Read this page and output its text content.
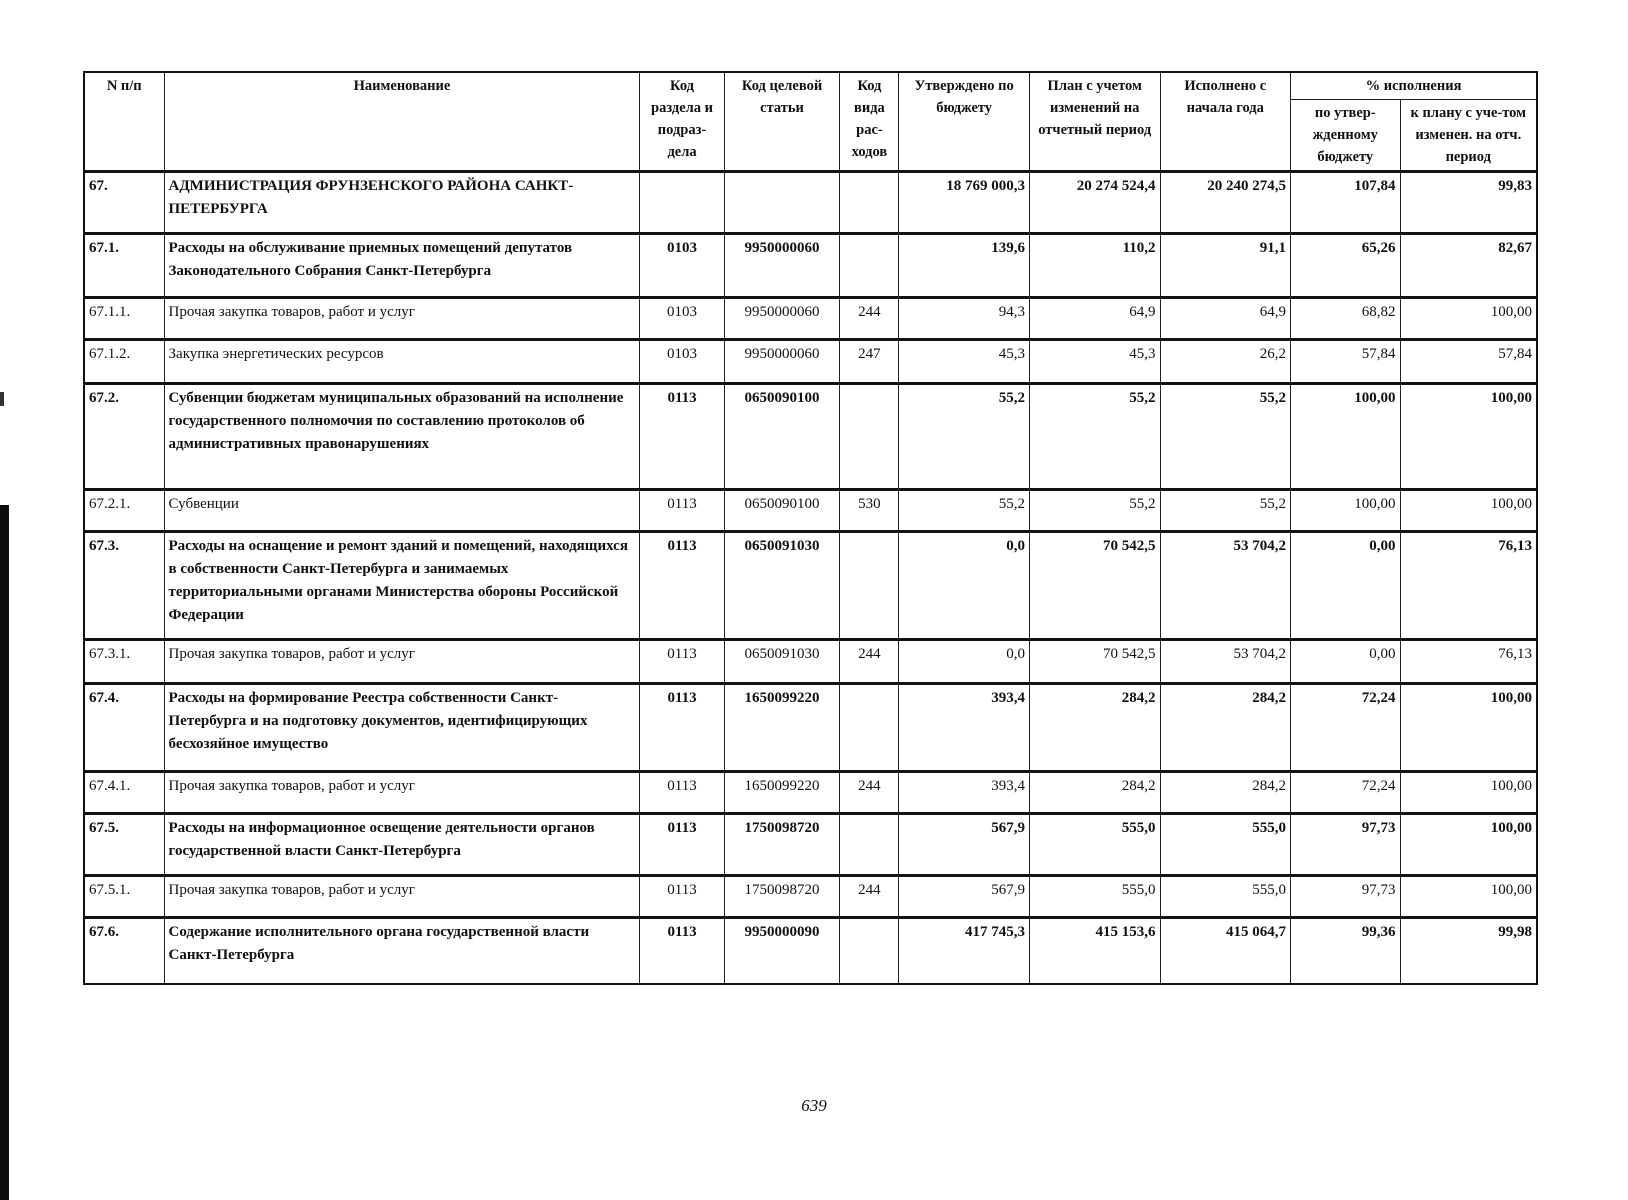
N п/п	Наименование	Код раздела и подраз-дела	Код целевой статьи	Код вида рас-ходов	Утверждено по бюджету	План с учетом изменений на отчетный период	Исполнено с начала года	% исполнения	
								по утвер-жденному бюджету	к плану с уче-том изменен. на отч. период
67.	АДМИНИСТРАЦИЯ ФРУНЗЕНСКОГО РАЙОНА САНКТ-ПЕТЕРБУРГА				18 769 000,3	20 274 524,4	20 240 274,5	107,84	99,83
67.1.	Расходы на обслуживание приемных помещений депутатов Законодательного Собрания Санкт-Петербурга	0103	9950000060		139,6	110,2	91,1	65,26	82,67
67.1.1.	Прочая закупка товаров, работ и услуг	0103	9950000060	244	94,3	64,9	64,9	68,82	100,00
67.1.2.	Закупка энергетических ресурсов	0103	9950000060	247	45,3	45,3	26,2	57,84	57,84
67.2.	Субвенции бюджетам муниципальных образований на исполнение государственного полномочия по составлению протоколов об административных правонарушениях	0113	0650090100		55,2	55,2	55,2	100,00	100,00
67.2.1.	Субвенции	0113	0650090100	530	55,2	55,2	55,2	100,00	100,00
67.3.	Расходы на оснащение и ремонт зданий и помещений, находящихся в собственности Санкт-Петербурга и занимаемых территориальными органами Министерства обороны Российской Федерации	0113	0650091030		0,0	70 542,5	53 704,2	0,00	76,13
67.3.1.	Прочая закупка товаров, работ и услуг	0113	0650091030	244	0,0	70 542,5	53 704,2	0,00	76,13
67.4.	Расходы на формирование Реестра собственности Санкт-Петербурга и на подготовку документов, идентифицирующих бесхозяйное имущество	0113	1650099220		393,4	284,2	284,2	72,24	100,00
67.4.1.	Прочая закупка товаров, работ и услуг	0113	1650099220	244	393,4	284,2	284,2	72,24	100,00
67.5.	Расходы на информационное освещение деятельности органов государственной власти Санкт-Петербурга	0113	1750098720		567,9	555,0	555,0	97,73	100,00
67.5.1.	Прочая закупка товаров, работ и услуг	0113	1750098720	244	567,9	555,0	555,0	97,73	100,00
67.6.	Содержание исполнительного органа государственной власти Санкт-Петербурга	0113	9950000090		417 745,3	415 153,6	415 064,7	99,36	99,98
639
